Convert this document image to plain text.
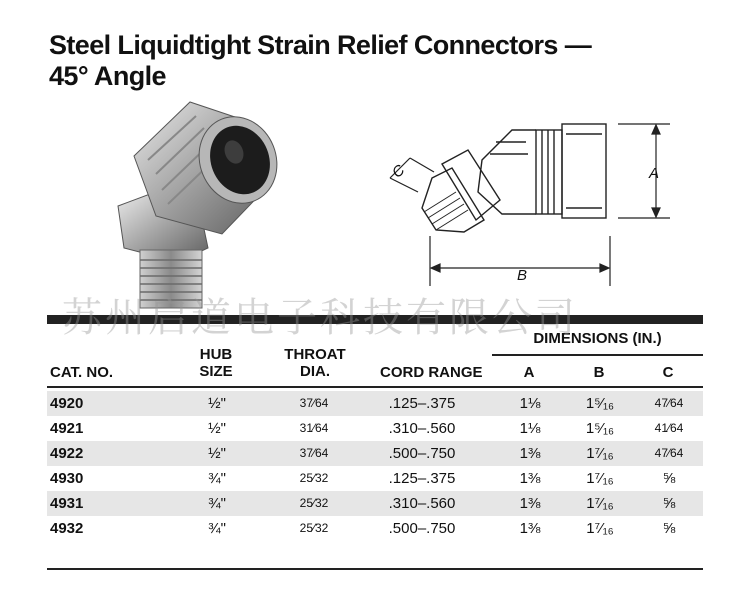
Steel Liquidtight Strain Relief Connectors —
45° Angle
A
B
C
苏州启道电子科技有限公司
CAT. NO.
HUB
SIZE
THROAT
DIA.	CORD RANGE
DIMENSIONS (IN.)
A	B	C
4920	½"	37⁄64	.125–.375	1⅛	1⁵⁄₁₆	47⁄64
4921	½"	31⁄64	.310–.560	1⅛	1⁵⁄₁₆	41⁄64
4922	½"	37⁄64	.500–.750	1⅜	1⁷⁄₁₆	47⁄64
4930	¾"	25⁄32	.125–.375	1⅜	1⁷⁄₁₆	⅝
4931	¾"	25⁄32	.310–.560	1⅜	1⁷⁄₁₆	⅝
4932	¾"	25⁄32	.500–.750	1⅜	1⁷⁄₁₆	⅝
